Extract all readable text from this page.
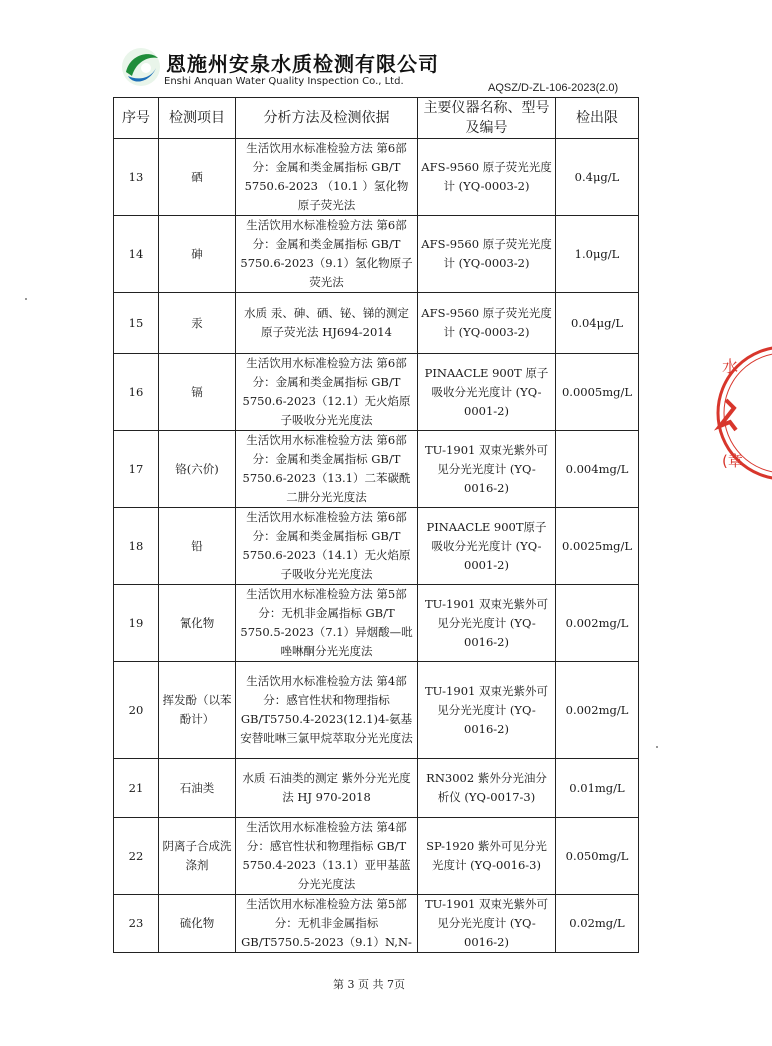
恩施州安泉水质检测有限公司
Enshi Anquan Water Quality Inspection Co., Ltd.
AQSZ/D-ZL-106-2023(2.0)
序号	检测项目	分析方法及检测依据	主要仪器名称、型号及编号	检出限
13	硒	生活饮用水标准检验方法 第6部分：金属和类金属指标 GB/T 5750.6-2023 （10.1 ）氢化物原子荧光法	AFS-9560 原子荧光光度计 (YQ-0003-2)	0.4μg/L
14	砷	生活饮用水标准检验方法 第6部分：金属和类金属指标 GB/T 5750.6-2023（9.1）氢化物原子荧光法	AFS-9560 原子荧光光度计 (YQ-0003-2)	1.0μg/L
15	汞	水质 汞、砷、硒、铋、锑的测定 原子荧光法 HJ694-2014	AFS-9560 原子荧光光度计 (YQ-0003-2)	0.04μg/L
16	镉	生活饮用水标准检验方法 第6部分：金属和类金属指标 GB/T 5750.6-2023（12.1）无火焰原子吸收分光光度法	PINAACLE 900T 原子吸收分光光度计 (YQ-0001-2)	0.0005mg/L
17	铬(六价)	生活饮用水标准检验方法 第6部分：金属和类金属指标 GB/T 5750.6-2023（13.1）二苯碳酰二肼分光光度法	TU-1901 双束光紫外可见分光光度计 (YQ-0016-2)	0.004mg/L
18	铅	生活饮用水标准检验方法 第6部分：金属和类金属指标 GB/T 5750.6-2023（14.1）无火焰原子吸收分光光度法	PINAACLE 900T原子吸收分光光度计 (YQ-0001-2)	0.0025mg/L
19	氰化物	生活饮用水标准检验方法 第5部分：无机非金属指标 GB/T 5750.5-2023（7.1）异烟酸—吡唑啉酮分光光度法	TU-1901 双束光紫外可见分光光度计 (YQ-0016-2)	0.002mg/L
20	挥发酚（以苯酚计）	生活饮用水标准检验方法 第4部分：感官性状和物理指标 GB/T5750.4-2023(12.1)4-氨基安替吡啉三氯甲烷萃取分光光度法	TU-1901 双束光紫外可见分光光度计 (YQ-0016-2)	0.002mg/L
21	石油类	水质 石油类的测定 紫外分光光度法 HJ 970-2018	RN3002 紫外分光油分析仪 (YQ-0017-3)	0.01mg/L
22	阴离子合成洗涤剂	生活饮用水标准检验方法 第4部分：感官性状和物理指标 GB/T 5750.4-2023（13.1）亚甲基蓝分光光度法	SP-1920 紫外可见分光光度计 (YQ-0016-3)	0.050mg/L
23	硫化物	生活饮用水标准检验方法 第5部分：无机非金属指标 GB/T5750.5-2023（9.1）N,N-	TU-1901 双束光紫外可见分光光度计 (YQ-0016-2)	0.02mg/L
水
(章
第 3 页 共 7页
